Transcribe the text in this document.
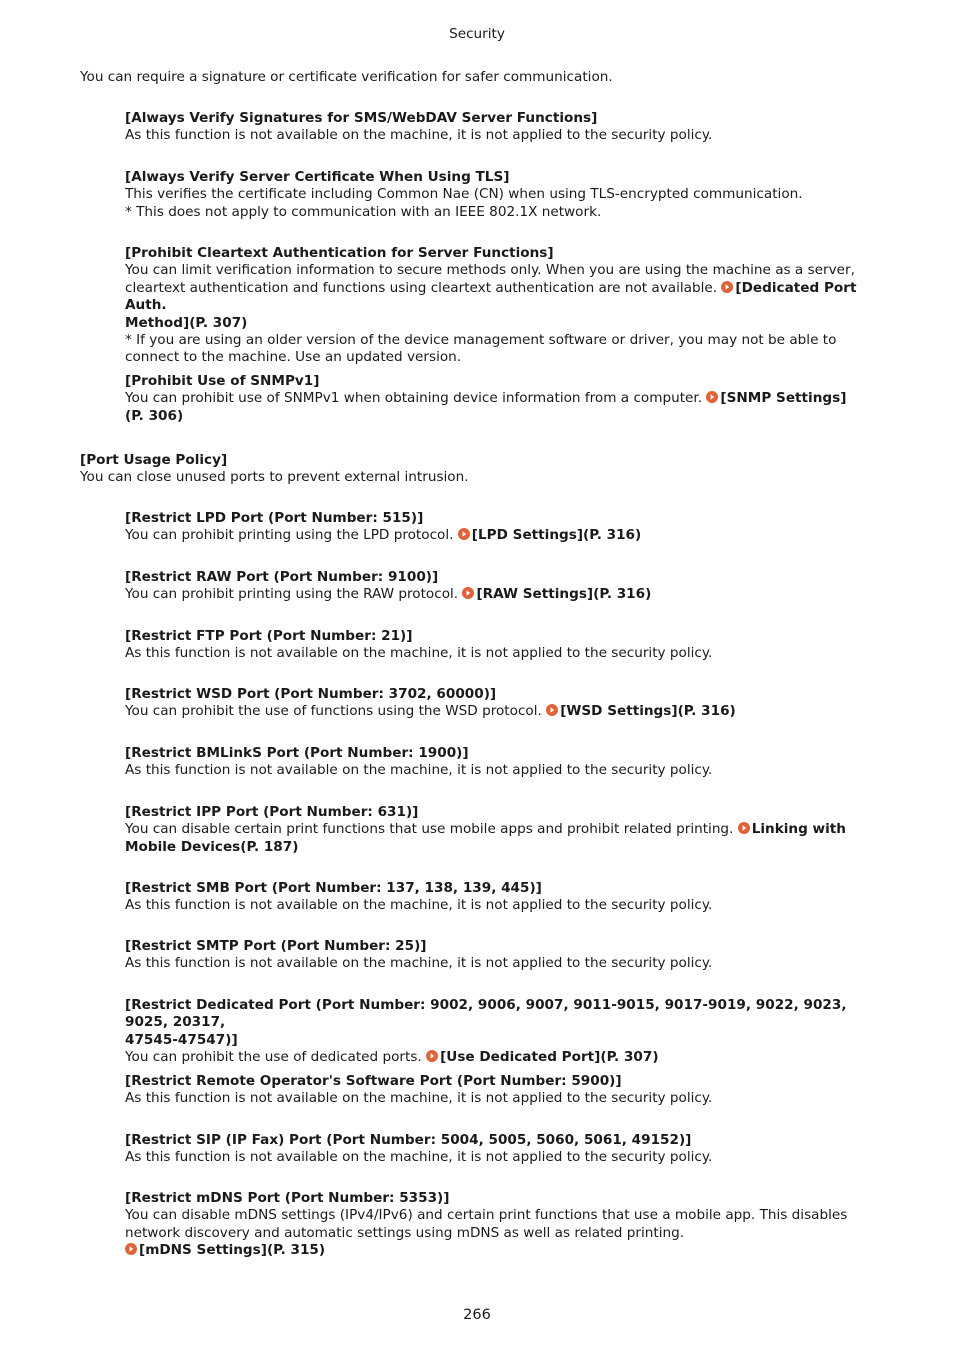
Security
You can require a signature or certificate verification for safer communication.
[Always Verify Signatures for SMS/WebDAV Server Functions]
As this function is not available on the machine, it is not applied to the security policy.
[Always Verify Server Certificate When Using TLS]
This verifies the certificate including Common Nae (CN) when using TLS-encrypted communication.
* This does not apply to communication with an IEEE 802.1X network.
[Prohibit Cleartext Authentication for Server Functions]
You can limit verification information to secure methods only. When you are using the machine as a server,
cleartext authentication and functions using cleartext authentication are not available. [Dedicated Port Auth.
Method](P. 307)
* If you are using an older version of the device management software or driver, you may not be able to
connect to the machine. Use an updated version.
[Prohibit Use of SNMPv1]
You can prohibit use of SNMPv1 when obtaining device information from a computer. [SNMP Settings]
(P. 306)
[Port Usage Policy]
You can close unused ports to prevent external intrusion.
[Restrict LPD Port (Port Number: 515)]
You can prohibit printing using the LPD protocol. [LPD Settings](P. 316)
[Restrict RAW Port (Port Number: 9100)]
You can prohibit printing using the RAW protocol. [RAW Settings](P. 316)
[Restrict FTP Port (Port Number: 21)]
As this function is not available on the machine, it is not applied to the security policy.
[Restrict WSD Port (Port Number: 3702, 60000)]
You can prohibit the use of functions using the WSD protocol. [WSD Settings](P. 316)
[Restrict BMLinkS Port (Port Number: 1900)]
As this function is not available on the machine, it is not applied to the security policy.
[Restrict IPP Port (Port Number: 631)]
You can disable certain print functions that use mobile apps and prohibit related printing. Linking with
Mobile Devices(P. 187)
[Restrict SMB Port (Port Number: 137, 138, 139, 445)]
As this function is not available on the machine, it is not applied to the security policy.
[Restrict SMTP Port (Port Number: 25)]
As this function is not available on the machine, it is not applied to the security policy.
[Restrict Dedicated Port (Port Number: 9002, 9006, 9007, 9011-9015, 9017-9019, 9022, 9023, 9025, 20317,
47545-47547)]
You can prohibit the use of dedicated ports. [Use Dedicated Port](P. 307)
[Restrict Remote Operator's Software Port (Port Number: 5900)]
As this function is not available on the machine, it is not applied to the security policy.
[Restrict SIP (IP Fax) Port (Port Number: 5004, 5005, 5060, 5061, 49152)]
As this function is not available on the machine, it is not applied to the security policy.
[Restrict mDNS Port (Port Number: 5353)]
You can disable mDNS settings (IPv4/IPv6) and certain print functions that use a mobile app. This disables
network discovery and automatic settings using mDNS as well as related printing.
[mDNS Settings](P. 315)
266
